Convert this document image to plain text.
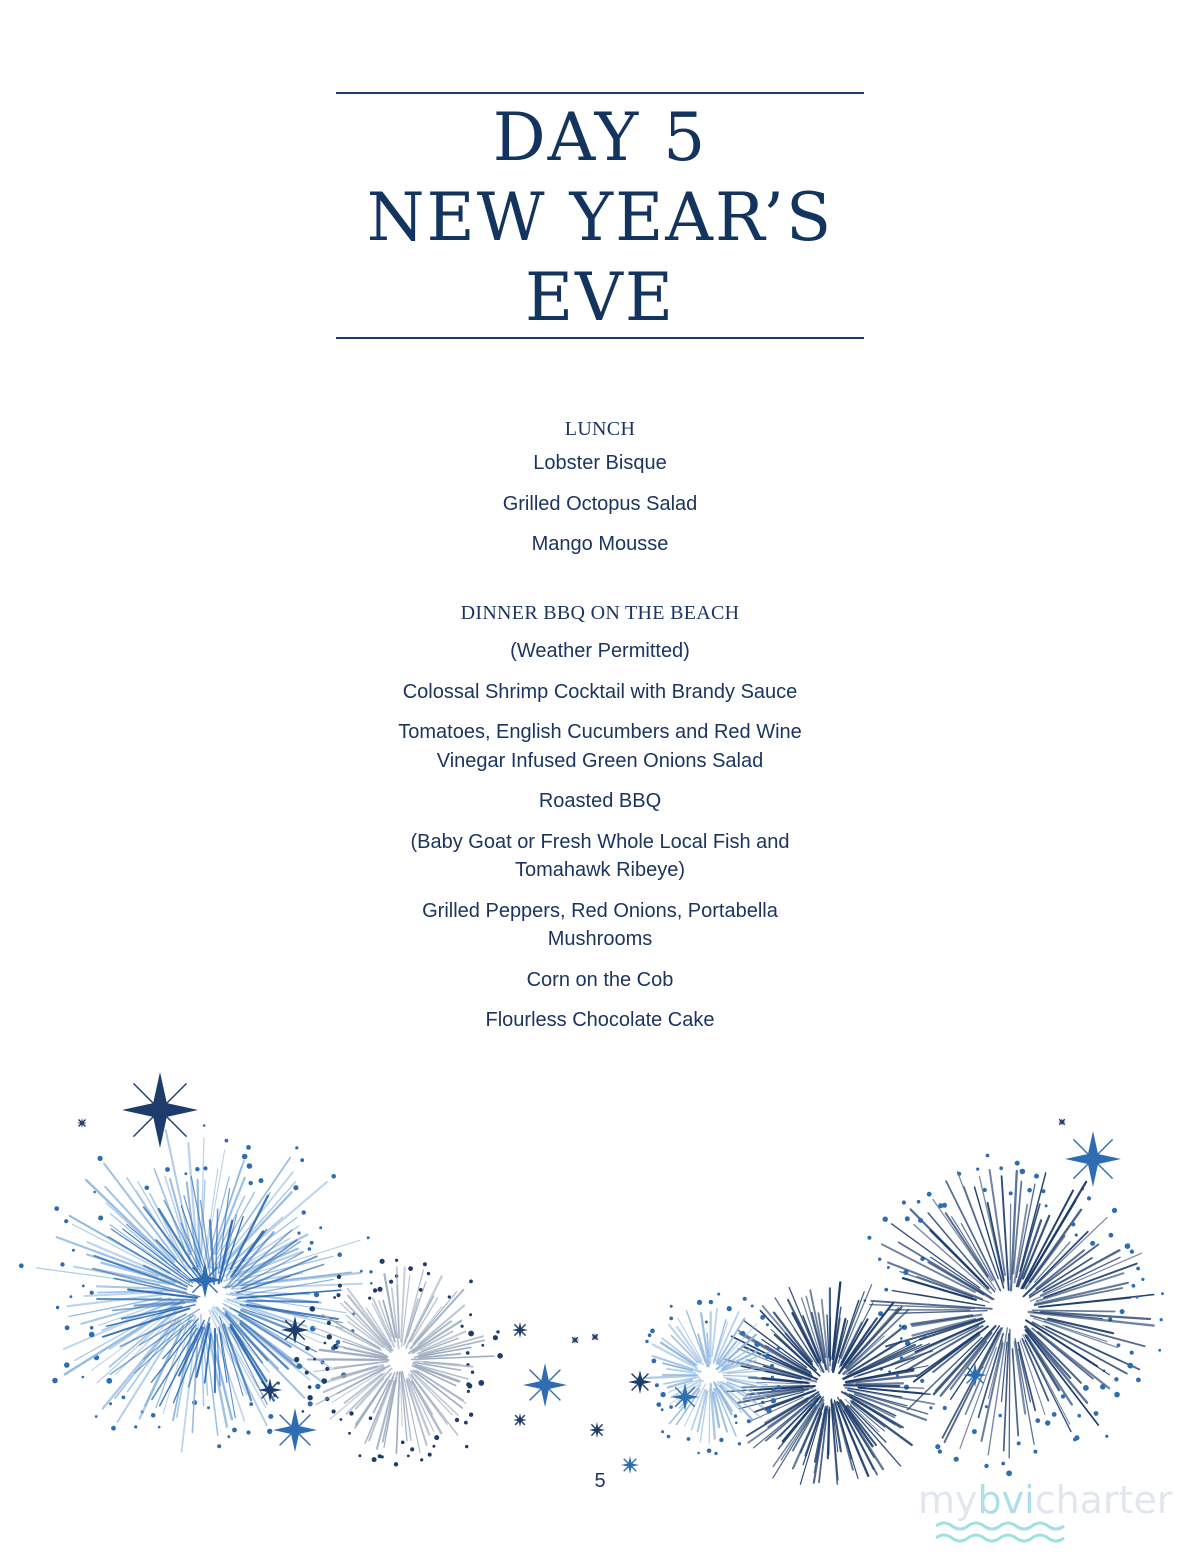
DAY 5
NEW YEAR’S
EVE
LUNCH
Lobster Bisque
Grilled Octopus Salad
Mango Mousse
DINNER BBQ ON THE BEACH
(Weather Permitted)
Colossal Shrimp Cocktail with Brandy Sauce
Tomatoes, English Cucumbers and Red Wine Vinegar Infused Green Onions Salad
Roasted BBQ
(Baby Goat or Fresh Whole Local Fish and Tomahawk Ribeye)
Grilled Peppers, Red Onions, Portabella Mushrooms
Corn on the Cob
Flourless Chocolate Cake
5	mybvicharter
